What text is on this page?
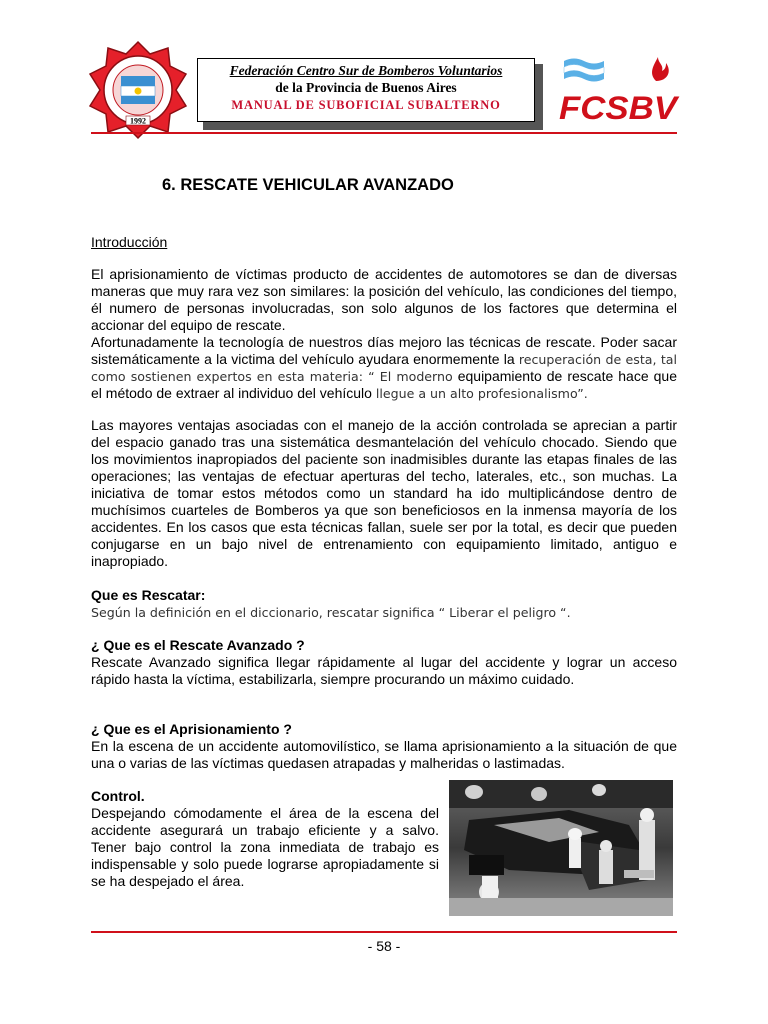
1992
Federación Centro Sur de Bomberos Voluntarios
de la Provincia de Buenos Aires
MANUAL DE SUBOFICIAL SUBALTERNO	FCSBV
6. RESCATE VEHICULAR AVANZADO
Introducción
El aprisionamiento de víctimas producto de accidentes de automotores se dan de diversas maneras que muy rara vez son similares: la posición del vehículo, las condiciones del tiempo, él numero de personas involucradas, son solo algunos de los factores que determina el accionar del equipo de rescate.
Afortunadamente la tecnología de nuestros días mejoro las técnicas de rescate. Poder sacar sistemáticamente a la victima del vehículo ayudara enormemente la recuperación de esta, tal como sostienen expertos en esta materia: “ El moderno equipamiento de rescate hace que el método de extraer al individuo del vehículo llegue a un alto profesionalismo”.
Las mayores ventajas asociadas con el manejo de la acción controlada se aprecian a partir del espacio ganado tras una sistemática desmantelación del vehículo chocado. Siendo que los movimientos inapropiados del paciente son inadmisibles durante las etapas finales de las operaciones; las ventajas de efectuar aperturas del techo, laterales, etc., son muchas. La iniciativa de tomar estos métodos como un standard ha ido multiplicándose dentro de muchísimos cuarteles de Bomberos ya que son beneficiosos en la inmensa mayoría de los accidentes. En los casos que esta técnicas fallan, suele ser por la total, es decir que pueden conjugarse en un bajo nivel de entrenamiento con equipamiento limitado, antiguo e inapropiado.
Que es Rescatar:
Según la definición en el diccionario, rescatar significa “ Liberar el peligro “.
¿ Que es el Rescate Avanzado ?
Rescate Avanzado significa llegar rápidamente al lugar del accidente y lograr un acceso rápido hasta la víctima, estabilizarla, siempre procurando un máximo cuidado.
¿ Que es el Aprisionamiento ?
En la escena de un accidente automovilístico, se llama aprisionamiento a la situación de que una o varias de las víctimas quedasen atrapadas y malheridas o lastimadas.
Control.
Despejando cómodamente el área de la escena del accidente asegurará un trabajo eficiente y a salvo. Tener bajo control la zona inmediata de trabajo es indispensable y solo puede lograrse apropiadamente si se ha despejado el área.
- 58 -
